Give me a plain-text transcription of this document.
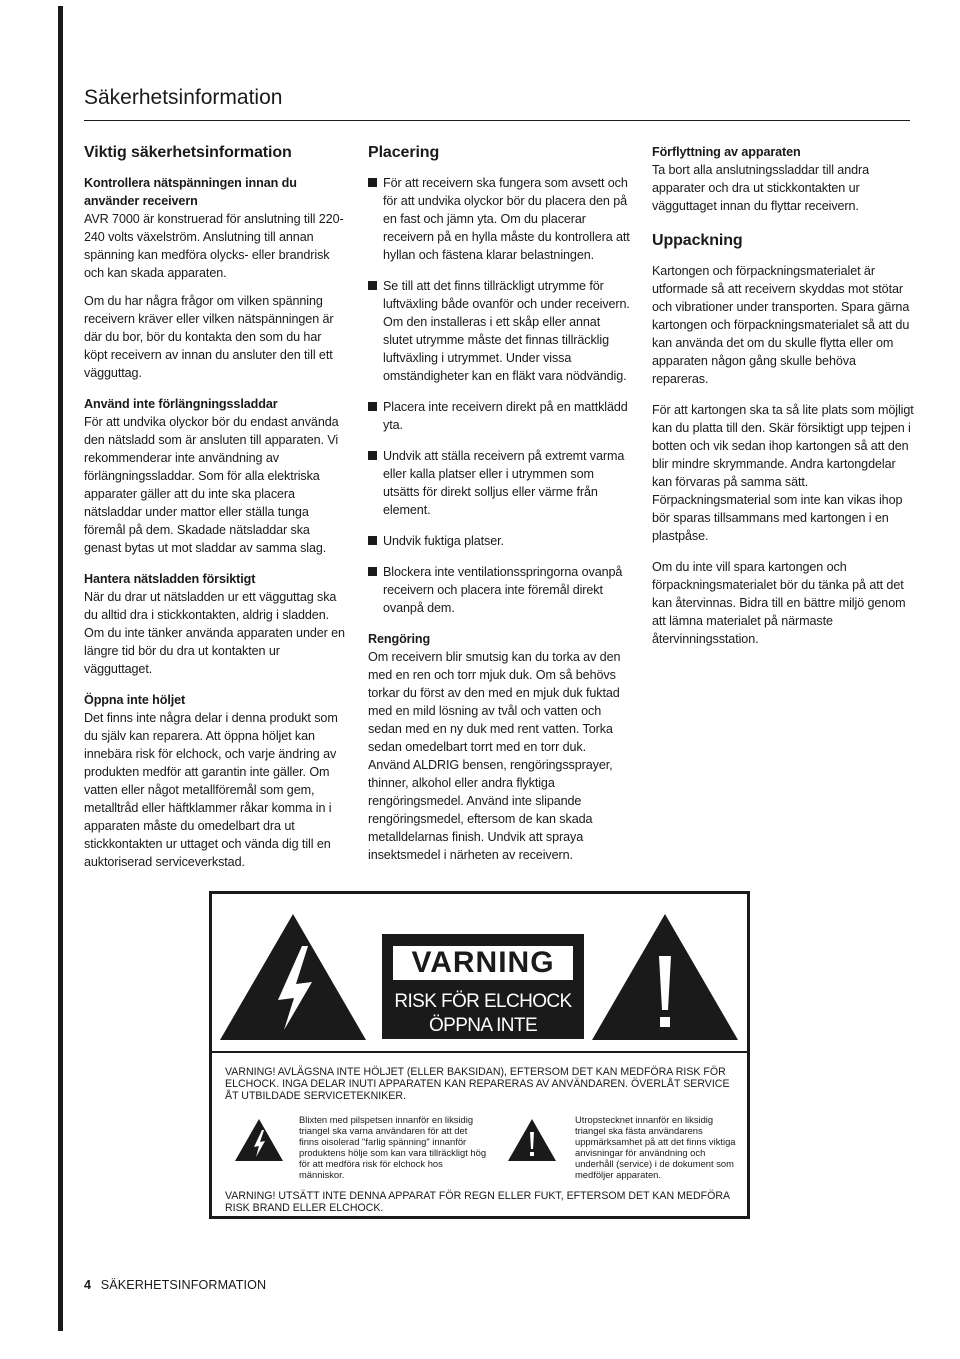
Säkerhetsinformation
Viktig säkerhetsinformation
Kontrollera nätspänningen innan du använder receivern

AVR 7000 är konstruerad för anslutning till 220-240 volts växelström. Anslutning till annan spänning kan medföra olycks- eller brandrisk och kan skada apparaten.

Om du har några frågor om vilken spänning receivern kräver eller vilken nätspänningen är där du bor, bör du kontakta den som du har köpt receivern av innan du ansluter den till ett vägguttag.

Använd inte förlängningssladdar

För att undvika olyckor bör du endast använda den nätsladd som är ansluten till apparaten. Vi rekommenderar inte användning av förlängningssladdar. Som för alla elektriska apparater gäller att du inte ska placera nätsladdar under mattor eller ställa tunga föremål på dem. Skadade nätsladdar ska genast bytas ut mot sladdar av samma slag.

Hantera nätsladden försiktigt

När du drar ut nätsladden ur ett vägguttag ska du alltid dra i stickkontakten, aldrig i sladden. Om du inte tänker använda apparaten under en längre tid bör du dra ut kontakten ur vägguttaget.

Öppna inte höljet

Det finns inte några delar i denna produkt som du själv kan reparera. Att öppna höljet kan innebära risk för elchock, och varje ändring av produkten medför att garantin inte gäller. Om vatten eller något metallföremål som gem, metalltråd eller häftklammer råkar komma in i apparaten måste du omedelbart dra ut stickkontakten ur uttaget och vända dig till en auktoriserad serviceverkstad.

Placering

För att receivern ska fungera som avsett och för att undvika olyckor bör du placera den på en fast och jämn yta. Om du placerar receivern på en hylla måste du kontrollera att hyllan och fästena klarar belastningen.

Se till att det finns tillräckligt utrymme för luftväxling både ovanför och under receivern. Om den installeras i ett skåp eller annat slutet utrymme måste det finnas tillräcklig luftväxling i utrymmet. Under vissa omständigheter kan en fläkt vara nödvändig.

Placera inte receivern direkt på en mattklädd yta.

Undvik att ställa receivern på extremt varma eller kalla platser eller i utrymmen som utsätts för direkt solljus eller värme från element.

Undvik fuktiga platser.

Blockera inte ventilationsspringorna ovanpå receivern och placera inte föremål direkt ovanpå dem.

Rengöring

Om receivern blir smutsig kan du torka av den med en ren och torr mjuk duk. Om så behövs torkar du först av den med en mjuk duk fuktad med en mild lösning av tvål och vatten och sedan med en ny duk med rent vatten. Torka sedan omedelbart torrt med en torr duk. Använd ALDRIG bensen, rengöringssprayer, thinner, alkohol eller andra flyktiga rengöringsmedel. Använd inte slipande rengöringsmedel, eftersom de kan skada metalldelarnas finish. Undvik att spraya insektsmedel i närheten av receivern.

Förflyttning av apparaten

Ta bort alla anslutningssladdar till andra apparater och dra ut stickkontakten ur vägguttaget innan du flyttar receivern.

Uppackning

Kartongen och förpackningsmaterialet är utformade så att receivern skyddas mot stötar och vibrationer under transporten. Spara gärna kartongen och förpackningsmaterialet så att du kan använda det om du skulle flytta eller om apparaten någon gång skulle behöva repareras.

För att kartongen ska ta så lite plats som möjligt kan du platta till den. Skär försiktigt upp tejpen i botten och vik sedan ihop kartongen så att den blir mindre skrymmande. Andra kartongdelar kan förvaras på samma sätt. Förpackningsmaterial som inte kan vikas ihop bör sparas tillsammans med kartongen i en plastpåse.

Om du inte vill spara kartongen och förpackningsmaterialet bör du tänka på att det kan återvinnas. Bidra till en bättre miljö genom att lämna materialet på närmaste återvinningsstation.

VARNING
RISK FÖR ELCHOCK
ÖPPNA INTE
VARNING! AVLÄGSNA INTE HÖLJET (ELLER BAKSIDAN), EFTERSOM DET KAN MEDFÖRA RISK FÖR ELCHOCK. INGA DELAR INUTI APPARATEN KAN REPARERAS AV ANVÄNDAREN. ÖVERLÅT SERVICE ÅT UTBILDADE SERVICETEKNIKER.
Blixten med pilspetsen innanför en liksidig triangel ska varna användaren för att det finns oisolerad "farlig spänning" innanför produktens hölje som kan vara tillräckligt hög för att medföra risk för elchock hos människor.
Utropstecknet innanför en liksidig triangel ska fästa användarens uppmärksamhet på att det finns viktiga anvisningar för användning och underhåll (service) i de dokument som medföljer apparaten.
VARNING! UTSÄTT INTE DENNA APPARAT FÖR REGN ELLER FUKT, EFTERSOM DET KAN MEDFÖRA RISK BRAND ELLER ELCHOCK.
4 SÄKERHETSINFORMATION
